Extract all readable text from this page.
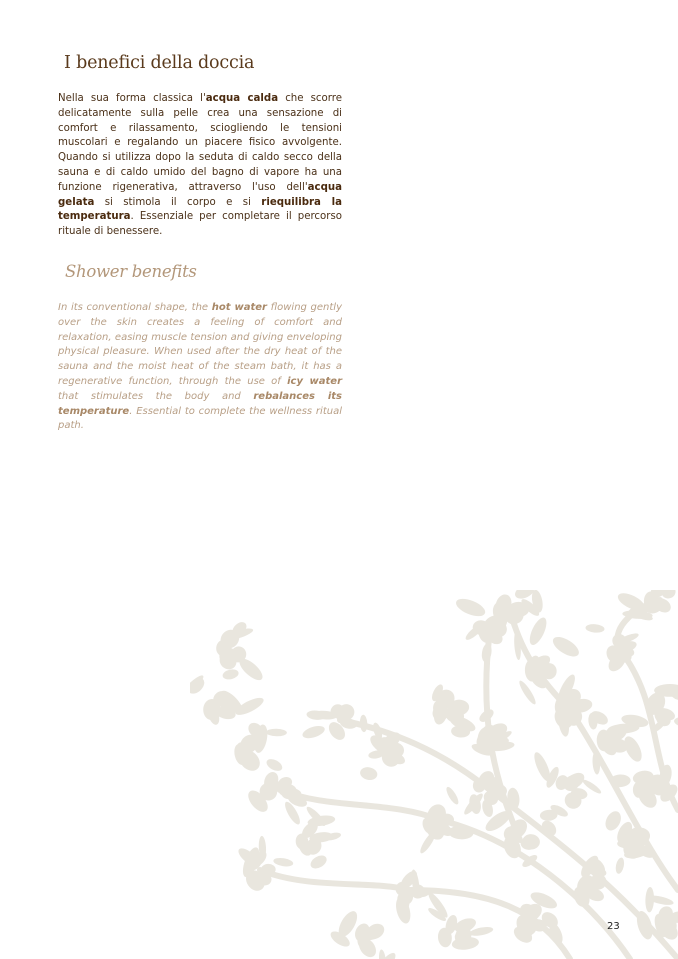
I benefici della doccia

Nella sua forma classica l'acqua calda che scorre delicatamente sulla pelle crea una sensazione di comfort e rilassamento, sciogliendo le tensioni muscolari e regalando un piacere fisico avvolgente. Quando si utilizza dopo la seduta di caldo secco della sauna e di caldo umido del bagno di vapore ha una funzione rigenerativa, attraverso l'uso dell'acqua gelata si stimola il corpo e si riequilibra la temperatura. Essenziale per completare il percorso rituale di benessere.

Shower benefits

In its conventional shape, the hot water flowing gently over the skin creates a feeling of comfort and relaxation, easing muscle tension and giving enveloping physical pleasure. When used after the dry heat of the sauna and the moist heat of the steam bath, it has a regenerative function, through the use of icy water that stimulates the body and rebalances its temperature. Essential to complete the wellness ritual path.

23
